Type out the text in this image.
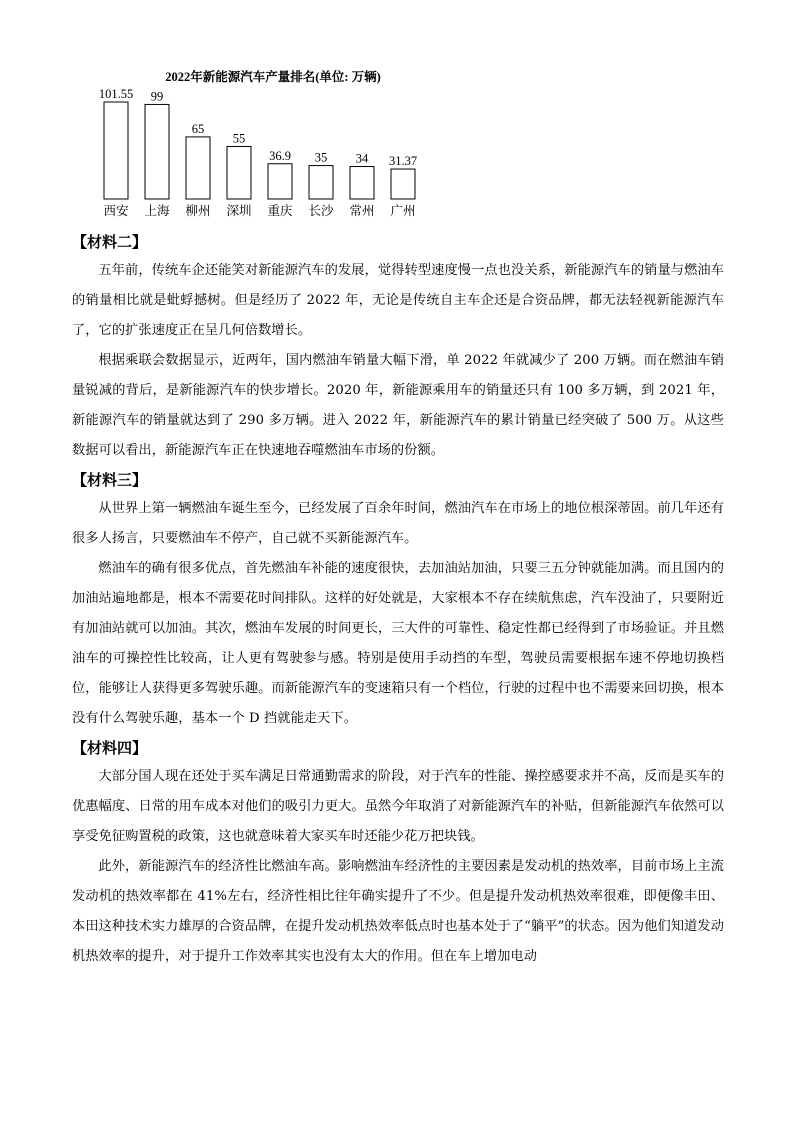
2022年新能源汽车产量排名(单位: 万辆)
101.55
西安
99
上海
65
柳州
55
深圳
36.9
重庆
35
长沙
34
常州
31.37
广州

【材料二】

五年前，传统车企还能笑对新能源汽车的发展，觉得转型速度慢一点也没关系，新能源汽车的销量与燃油车的销量相比就是蚍蜉撼树。但是经历了 2022 年，无论是传统自主车企还是合资品牌，都无法轻视新能源汽车了，它的扩张速度正在呈几何倍数增长。

根据乘联会数据显示，近两年，国内燃油车销量大幅下滑，单 2022 年就减少了 200 万辆。而在燃油车销量锐减的背后，是新能源汽车的快步增长。2020 年，新能源乘用车的销量还只有 100 多万辆，到 2021 年，新能源汽车的销量就达到了 290 多万辆。进入 2022 年，新能源汽车的累计销量已经突破了 500 万。从这些数据可以看出，新能源汽车正在快速地吞噬燃油车市场的份额。

【材料三】

从世界上第一辆燃油车诞生至今，已经发展了百余年时间，燃油汽车在市场上的地位根深蒂固。前几年还有很多人扬言，只要燃油车不停产，自己就不买新能源汽车。

燃油车的确有很多优点，首先燃油车补能的速度很快，去加油站加油，只要三五分钟就能加满。而且国内的加油站遍地都是，根本不需要花时间排队。这样的好处就是，大家根本不存在续航焦虑，汽车没油了，只要附近有加油站就可以加油。其次，燃油车发展的时间更长，三大件的可靠性、稳定性都已经得到了市场验证。并且燃油车的可操控性比较高，让人更有驾驶参与感。特别是使用手动挡的车型，驾驶员需要根据车速不停地切换档位，能够让人获得更多驾驶乐趣。而新能源汽车的变速箱只有一个档位，行驶的过程中也不需要来回切换，根本没有什么驾驶乐趣，基本一个 D 挡就能走天下。

【材料四】

大部分国人现在还处于买车满足日常通勤需求的阶段，对于汽车的性能、操控感要求并不高，反而是买车的优惠幅度、日常的用车成本对他们的吸引力更大。虽然今年取消了对新能源汽车的补贴，但新能源汽车依然可以享受免征购置税的政策，这也就意味着大家买车时还能少花万把块钱。

此外，新能源汽车的经济性比燃油车高。影响燃油车经济性的主要因素是发动机的热效率，目前市场上主流发动机的热效率都在 41%左右，经济性相比往年确实提升了不少。但是提升发动机热效率很难，即便像丰田、本田这种技术实力雄厚的合资品牌，在提升发动机热效率低点时也基本处于了“躺平”的状态。因为他们知道发动机热效率的提升，对于提升工作效率其实也没有太大的作用。但在车上增加电动
